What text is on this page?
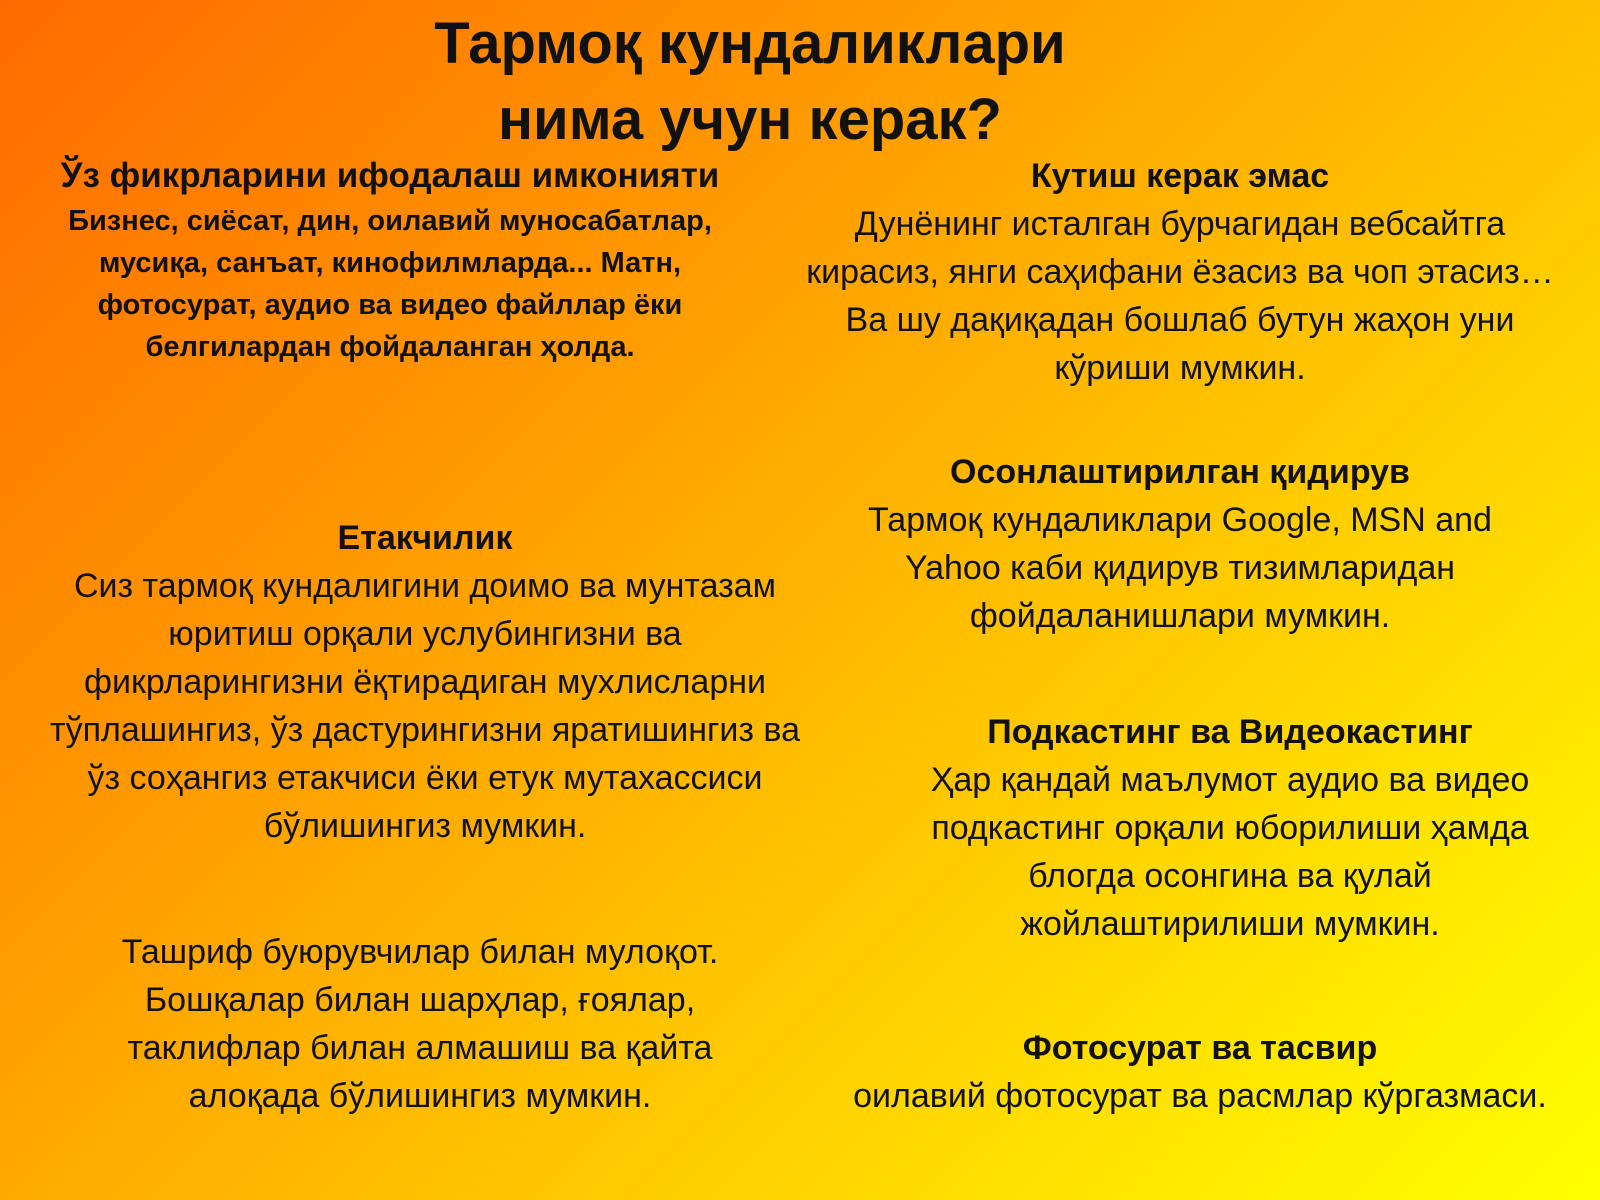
Тармоқ кундаликлари
нима учун керак?
Ўз фикрларини ифодалаш имконияти

Бизнес, сиёсат, дин, оилавий муносабатлар, мусиқа, санъат, кинофилмларда... Матн, фотосурат, аудио ва видео файллар ёки белгилардан фойдаланган ҳолда.

Етакчилик

Сиз тармоқ кундалигини доимо ва мунтазам юритиш орқали услубингизни ва фикрларингизни ёқтирадиган мухлисларни тўплашингиз, ўз дастурингизни яратишингиз ва ўз соҳангиз етакчиси ёки етук мутахассиси бўлишингиз мумкин.

Ташриф буюрувчилар билан мулоқот. Бошқалар билан шарҳлар, ғоялар, таклифлар билан алмашиш ва қайта алоқада бўлишингиз мумкин.

Кутиш керак эмас

Дунёнинг исталган бурчагидан вебсайтга кирасиз, янги саҳифани ёзасиз ва чоп этасиз… Ва шу дақиқадан бошлаб бутун жаҳон уни кўриши мумкин.

Осонлаштирилган қидирув

Тармоқ кундаликлари Google, MSN and Yahoo каби қидирув тизимларидан фойдаланишлари мумкин.

Подкастинг ва Видеокастинг

Ҳар қандай маълумот аудио ва видео подкастинг орқали юборилиши ҳамда блогда осонгина ва қулай жойлаштирилиши мумкин.

Фотосурат ва тасвир

оилавий фотосурат ва расмлар кўргазмаси.
